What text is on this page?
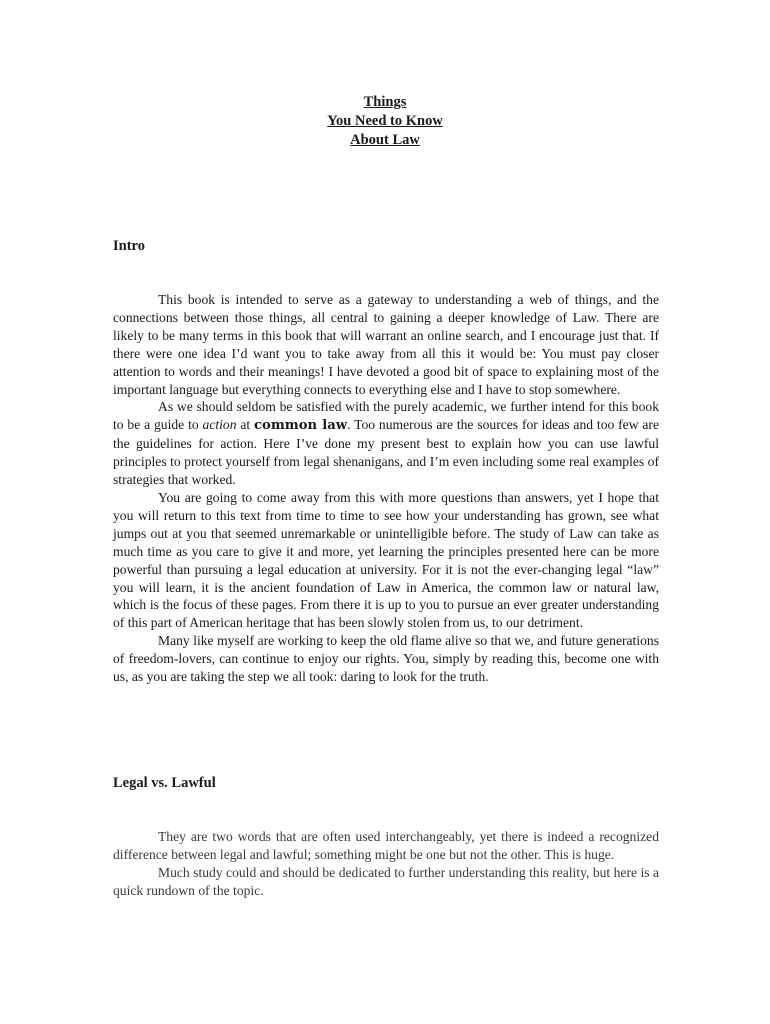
Things
You Need to Know
About Law
Intro

This book is intended to serve as a gateway to understanding a web of things, and the connections between those things, all central to gaining a deeper knowledge of Law. There are likely to be many terms in this book that will warrant an online search, and I encourage just that. If there were one idea I’d want you to take away from all this it would be: You must pay closer attention to words and their meanings! I have devoted a good bit of space to explaining most of the important language but everything connects to everything else and I have to stop somewhere.

As we should seldom be satisfied with the purely academic, we further intend for this book to be a guide to action at common law. Too numerous are the sources for ideas and too few are the guidelines for action. Here I’ve done my present best to explain how you can use lawful principles to protect yourself from legal shenanigans, and I’m even including some real examples of strategies that worked.

You are going to come away from this with more questions than answers, yet I hope that you will return to this text from time to time to see how your understanding has grown, see what jumps out at you that seemed unremarkable or unintelligible before. The study of Law can take as much time as you care to give it and more, yet learning the principles presented here can be more powerful than pursuing a legal education at university. For it is not the ever-changing legal “law” you will learn, it is the ancient foundation of Law in America, the common law or natural law, which is the focus of these pages. From there it is up to you to pursue an ever greater understanding of this part of American heritage that has been slowly stolen from us, to our detriment.

Many like myself are working to keep the old flame alive so that we, and future generations of freedom-lovers, can continue to enjoy our rights. You, simply by reading this, become one with us, as you are taking the step we all took: daring to look for the truth.

Legal vs. Lawful

They are two words that are often used interchangeably, yet there is indeed a recognized difference between legal and lawful; something might be one but not the other. This is huge.

Much study could and should be dedicated to further understanding this reality, but here is a quick rundown of the topic.
